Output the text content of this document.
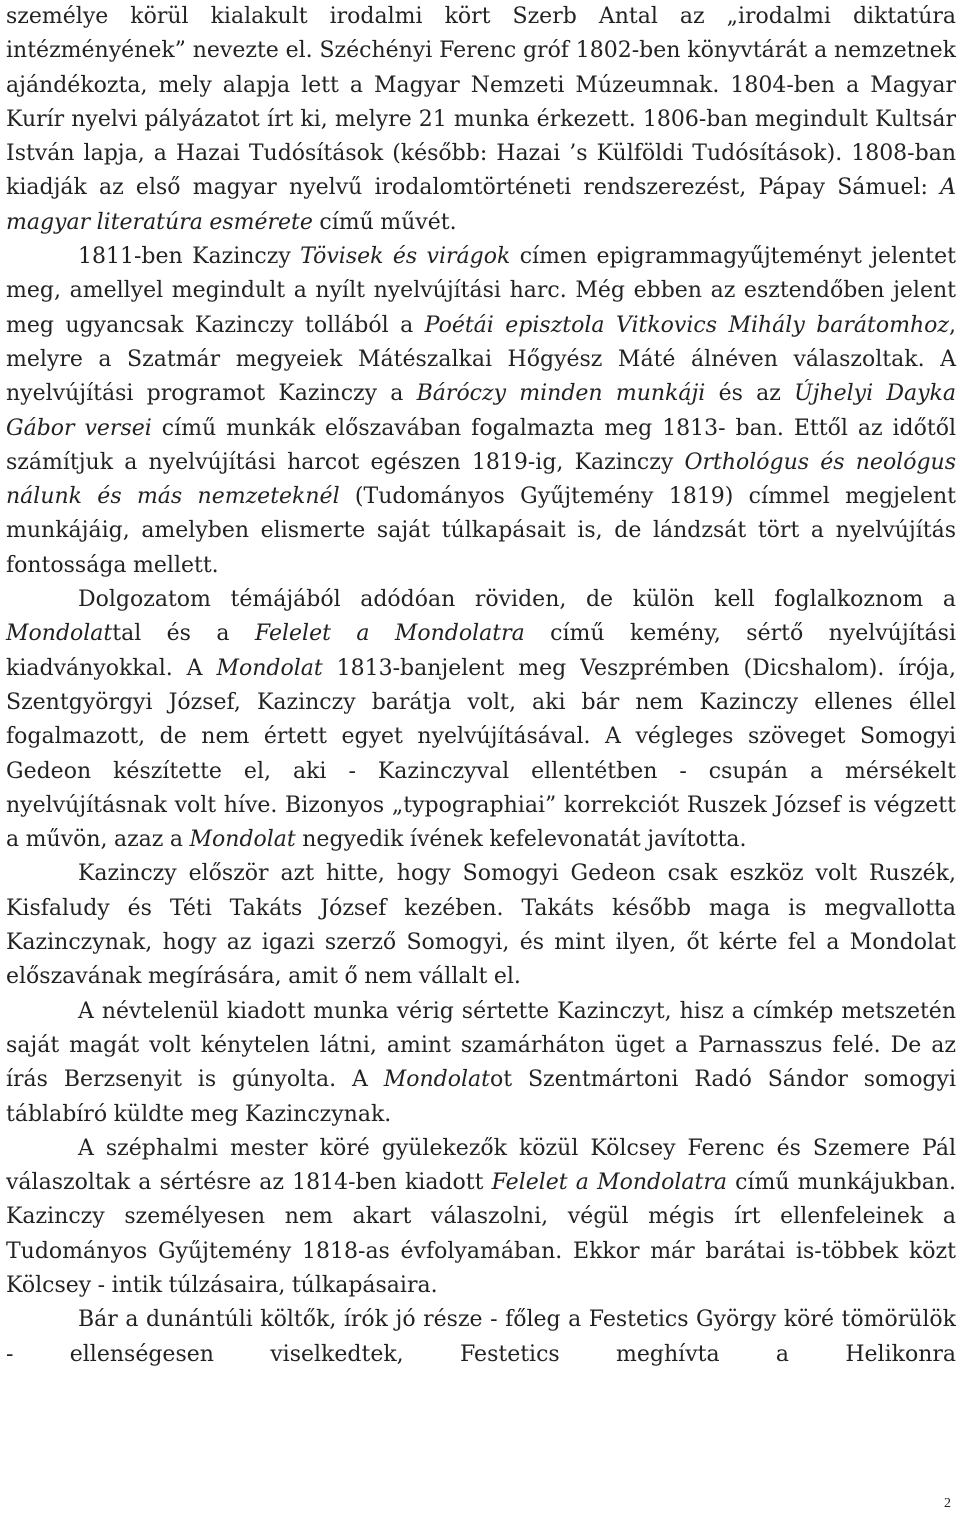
személye körül kialakult irodalmi kört Szerb Antal az „irodalmi diktatúra intézményének” nevezte el. Széchényi Ferenc gróf 1802-ben könyvtárát a nemzetnek ajándékozta, mely alapja lett a Magyar Nemzeti Múzeumnak. 1804-ben a Magyar Kurír nyelvi pályázatot írt ki, melyre 21 munka érkezett. 1806-ban megindult Kultsár István lapja, a Hazai Tudósítások (később: Hazai ’s Külföldi Tudósítások). 1808-ban kiadják az első magyar nyelvű irodalomtörténeti rendszerezést, Pápay Sámuel: A magyar literatúra esmérete című művét.

1811-ben Kazinczy Tövisek és virágok címen epigrammagyűjteményt jelentet meg, amellyel megindult a nyílt nyelvújítási harc. Még ebben az esztendőben jelent meg ugyancsak Kazinczy tollából a Poétái episztola Vitkovics Mihály barátomhoz, melyre a Szatmár megyeiek Mátészalkai Hőgyész Máté álnéven válaszoltak. A nyelvújítási programot Kazinczy a Báróczy minden munkáji és az Újhelyi Dayka Gábor versei című munkák előszavában fogalmazta meg 1813- ban. Ettől az időtől számítjuk a nyelvújítási harcot egészen 1819-ig, Kazinczy Orthológus és neológus nálunk és más nemzeteknél (Tudományos Gyűjtemény 1819) címmel megjelent munkájáig, amelyben elismerte saját túlkapásait is, de lándzsát tört a nyelvújítás fontossága mellett.

Dolgozatom témájából adódóan röviden, de külön kell foglalkoznom a Mondolattal és a Felelet a Mondolatra című kemény, sértő nyelvújítási kiadványokkal. A Mondolat 1813-banjelent meg Veszprémben (Dicshalom). írója, Szentgyörgyi József, Kazinczy barátja volt, aki bár nem Kazinczy ellenes éllel fogalmazott, de nem értett egyet nyelvújításával. A végleges szöveget Somogyi Gedeon készítette el, aki - Kazinczyval ellentétben - csupán a mérsékelt nyelvújításnak volt híve. Bizonyos „typographiai” korrekciót Ruszek József is végzett a művön, azaz a Mondolat negyedik ívének kefelevonatát javította.

Kazinczy először azt hitte, hogy Somogyi Gedeon csak eszköz volt Ruszék, Kisfaludy és Téti Takáts József kezében. Takáts később maga is megvallotta Kazinczynak, hogy az igazi szerző Somogyi, és mint ilyen, őt kérte fel a Mondolat előszavának megírására, amit ő nem vállalt el.

A névtelenül kiadott munka vérig sértette Kazinczyt, hisz a címkép metszetén saját magát volt kénytelen látni, amint szamárháton üget a Parnasszus felé. De az írás Berzsenyit is gúnyolta. A Mondolatot Szentmártoni Radó Sándor somogyi táblabíró küldte meg Kazinczynak.

A széphalmi mester köré gyülekezők közül Kölcsey Ferenc és Szemere Pál válaszoltak a sértésre az 1814-ben kiadott Felelet a Mondolatra című munkájukban. Kazinczy személyesen nem akart válaszolni, végül mégis írt ellenfeleinek a Tudományos Gyűjtemény 1818-as évfolyamában. Ekkor már barátai is-többek közt Kölcsey - intik túlzásaira, túlkapásaira.

Bár a dunántúli költők, írók jó része - főleg a Festetics György köré tömörülök - ellenségesen viselkedtek, Festetics meghívta a Helikonra

2
